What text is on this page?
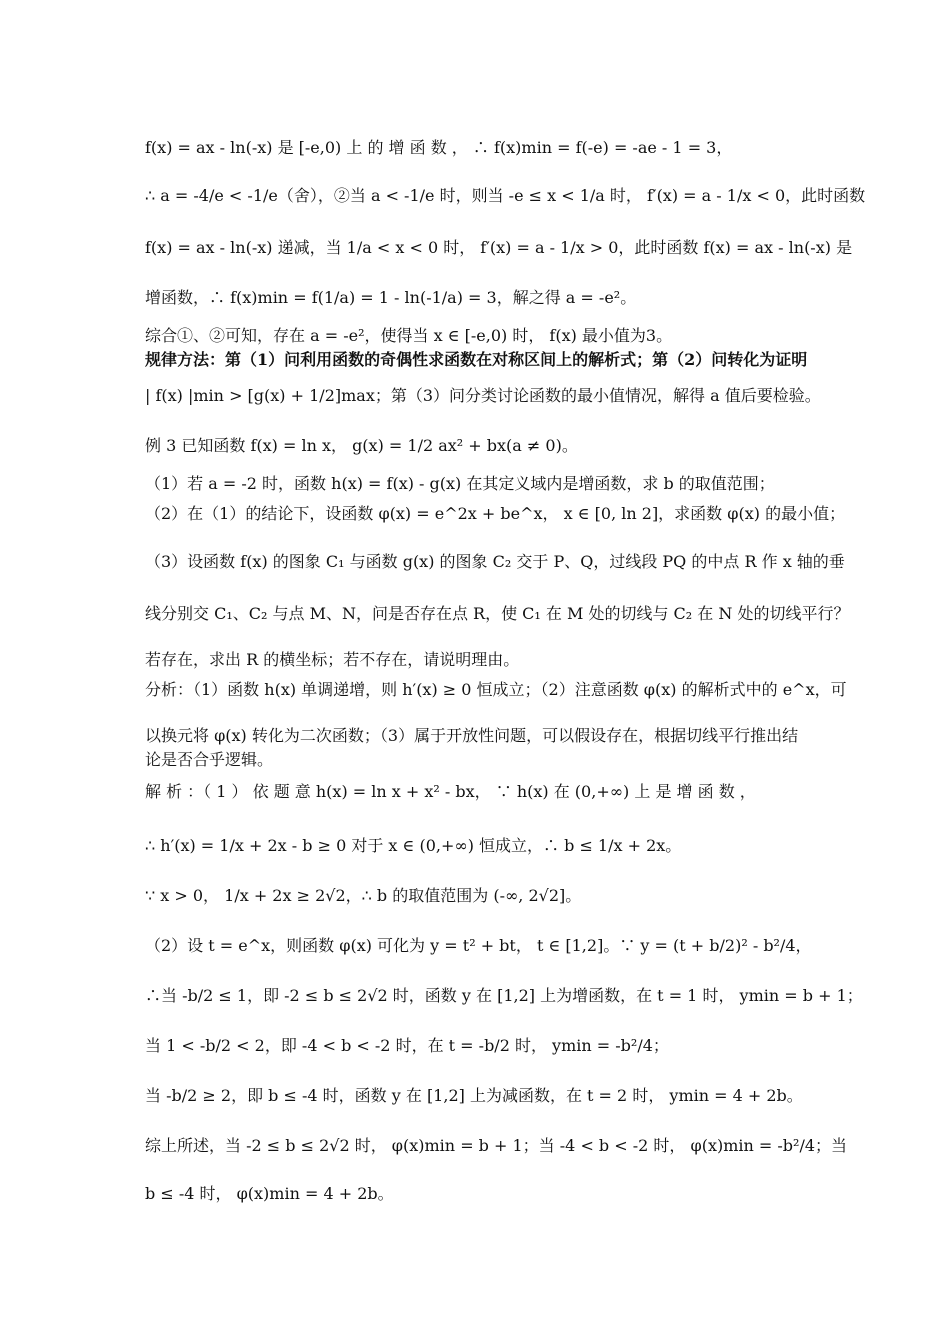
f(x) = ax - ln(-x) 是 [-e,0) 上 的 增 函 数 ， ∴ f(x)min = f(-e) = -ae - 1 = 3，
∴ a = -4/e < -1/e（舍），②当 a < -1/e 时，则当 -e ≤ x < 1/a 时， f′(x) = a - 1/x < 0，此时函数
f(x) = ax - ln(-x) 递减，当 1/a < x < 0 时， f′(x) = a - 1/x > 0，此时函数 f(x) = ax - ln(-x) 是
增函数，∴ f(x)min = f(1/a) = 1 - ln(-1/a) = 3，解之得 a = -e²。
综合①、②可知，存在 a = -e²，使得当 x ∈ [-e,0) 时， f(x) 最小值为3。
规律方法：第（1）问利用函数的奇偶性求函数在对称区间上的解析式；第（2）问转化为证明
| f(x) |min > [g(x) + 1/2]max；第（3）问分类讨论函数的最小值情况，解得 a 值后要检验。
例 3 已知函数 f(x) = ln x， g(x) = 1/2 ax² + bx(a ≠ 0)。
（1）若 a = -2 时，函数 h(x) = f(x) - g(x) 在其定义域内是增函数，求 b 的取值范围；
（2）在（1）的结论下，设函数 φ(x) = e^2x + be^x， x ∈ [0, ln 2]，求函数 φ(x) 的最小值；
（3）设函数 f(x) 的图象 C₁ 与函数 g(x) 的图象 C₂ 交于 P、Q，过线段 PQ 的中点 R 作 x 轴的垂
线分别交 C₁、C₂ 与点 M、N，问是否存在点 R，使 C₁ 在 M 处的切线与 C₂ 在 N 处的切线平行？
若存在，求出 R 的横坐标；若不存在，请说明理由。
分析：（1）函数 h(x) 单调递增，则 h′(x) ≥ 0 恒成立；（2）注意函数 φ(x) 的解析式中的 e^x，可
以换元将 φ(x) 转化为二次函数；（3）属于开放性问题，可以假设存在，根据切线平行推出结
论是否合乎逻辑。
解 析 ：（ 1 ） 依 题 意 h(x) = ln x + x² - bx， ∵ h(x) 在 (0,+∞) 上 是 增 函 数 ，
∴ h′(x) = 1/x + 2x - b ≥ 0 对于 x ∈ (0,+∞) 恒成立，∴ b ≤ 1/x + 2x。
∵ x > 0， 1/x + 2x ≥ 2√2，∴ b 的取值范围为 (-∞, 2√2]。
（2）设 t = e^x，则函数 φ(x) 可化为 y = t² + bt， t ∈ [1,2]。∵ y = (t + b/2)² - b²/4，
∴当 -b/2 ≤ 1，即 -2 ≤ b ≤ 2√2 时，函数 y 在 [1,2] 上为增函数，在 t = 1 时， ymin = b + 1；
当 1 < -b/2 < 2，即 -4 < b < -2 时，在 t = -b/2 时， ymin = -b²/4；
当 -b/2 ≥ 2，即 b ≤ -4 时，函数 y 在 [1,2] 上为减函数，在 t = 2 时， ymin = 4 + 2b。
综上所述，当 -2 ≤ b ≤ 2√2 时， φ(x)min = b + 1；当 -4 < b < -2 时， φ(x)min = -b²/4；当
b ≤ -4 时， φ(x)min = 4 + 2b。
